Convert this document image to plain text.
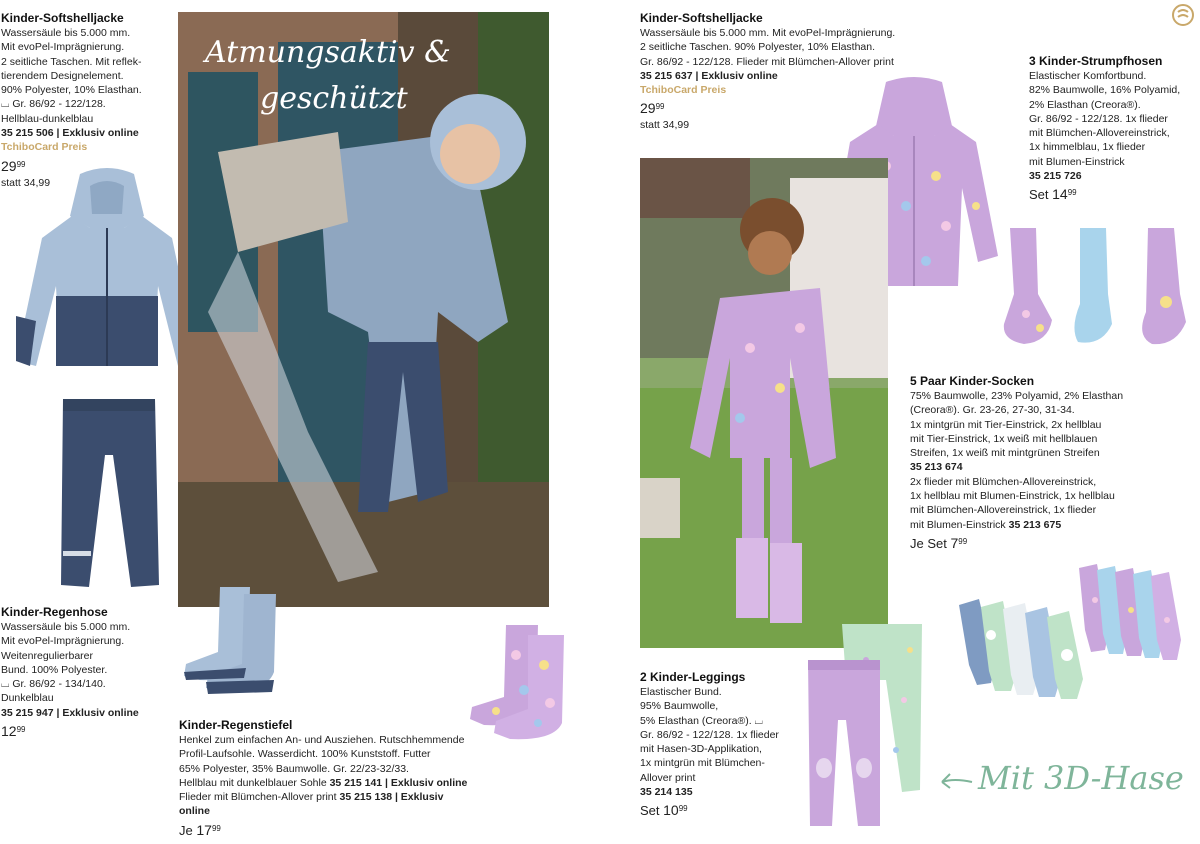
Kinder-Softshelljacke
Wassersäule bis 5.000 mm.
Mit evoPel-Imprägnierung.
2 seitliche Taschen. Mit reflek-
tierendem Designelement.
90% Polyester, 10% Elasthan.
⌴ Gr. 86/92 - 122/128.
Hellblau-dunkelblau
35 215 506 | Exklusiv online
TchiboCard Preis
$29^{99}$
statt 34,99
Kinder-Regenhose
Wassersäule bis 5.000 mm.
Mit evoPel-Imprägnierung.
Weitenregulierbarer
Bund. 100% Polyester.
⌴ Gr. 86/92 - 134/140.
Dunkelblau
35 215 947 | Exklusiv online
$12^{99}$
Atmungsaktiv &
geschützt
Kinder-Regenstiefel
Henkel zum einfachen An- und Ausziehen. Rutschhemmende
Profil-Laufsohle. Wasserdicht. 100% Kunststoff. Futter
65% Polyester, 35% Baumwolle. Gr. 22/23-32/33.
Hellblau mit dunkelblauer Sohle 35 215 141 | Exklusiv online
Flieder mit Blümchen-Allover print 35 215 138 | Exklusiv
online
Je $17^{99}$
Kinder-Softshelljacke
Wassersäule bis 5.000 mm. Mit evoPel-Imprägnierung.
2 seitliche Taschen. 90% Polyester, 10% Elasthan.
Gr. 86/92 - 122/128. Flieder mit Blümchen-Allover print
35 215 637 | Exklusiv online
TchiboCard Preis
$29^{99}$
statt 34,99
3 Kinder-Strumpfhosen
Elastischer Komfortbund.
82% Baumwolle, 16% Polyamid,
2% Elasthan (Creora®).
Gr. 86/92 - 122/128. 1x flieder
mit Blümchen-Allovereinstrick,
1x himmelblau, 1x flieder
mit Blumen-Einstrick
35 215 726
Set $14^{99}$
5 Paar Kinder-Socken
75% Baumwolle, 23% Polyamid, 2% Elasthan
(Creora®). Gr. 23-26, 27-30, 31-34.
1x mintgrün mit Tier-Einstrick, 2x hellblau
mit Tier-Einstrick, 1x weiß mit hellblauen
Streifen, 1x weiß mit mintgrünen Streifen
35 213 674
2x flieder mit Blümchen-Allovereinstrick,
1x hellblau mit Blumen-Einstrick, 1x hellblau
mit Blümchen-Allovereinstrick, 1x flieder
mit Blumen-Einstrick 35 213 675
Je Set $7^{99}$
2 Kinder-Leggings
Elastischer Bund.
95% Baumwolle,
5% Elasthan (Creora®). ⌴
Gr. 86/92 - 122/128. 1x flieder
mit Hasen-3D-Applikation,
1x mintgrün mit Blümchen-
Allover print
35 214 135
Set $10^{99}$
Mit 3D-Hase
